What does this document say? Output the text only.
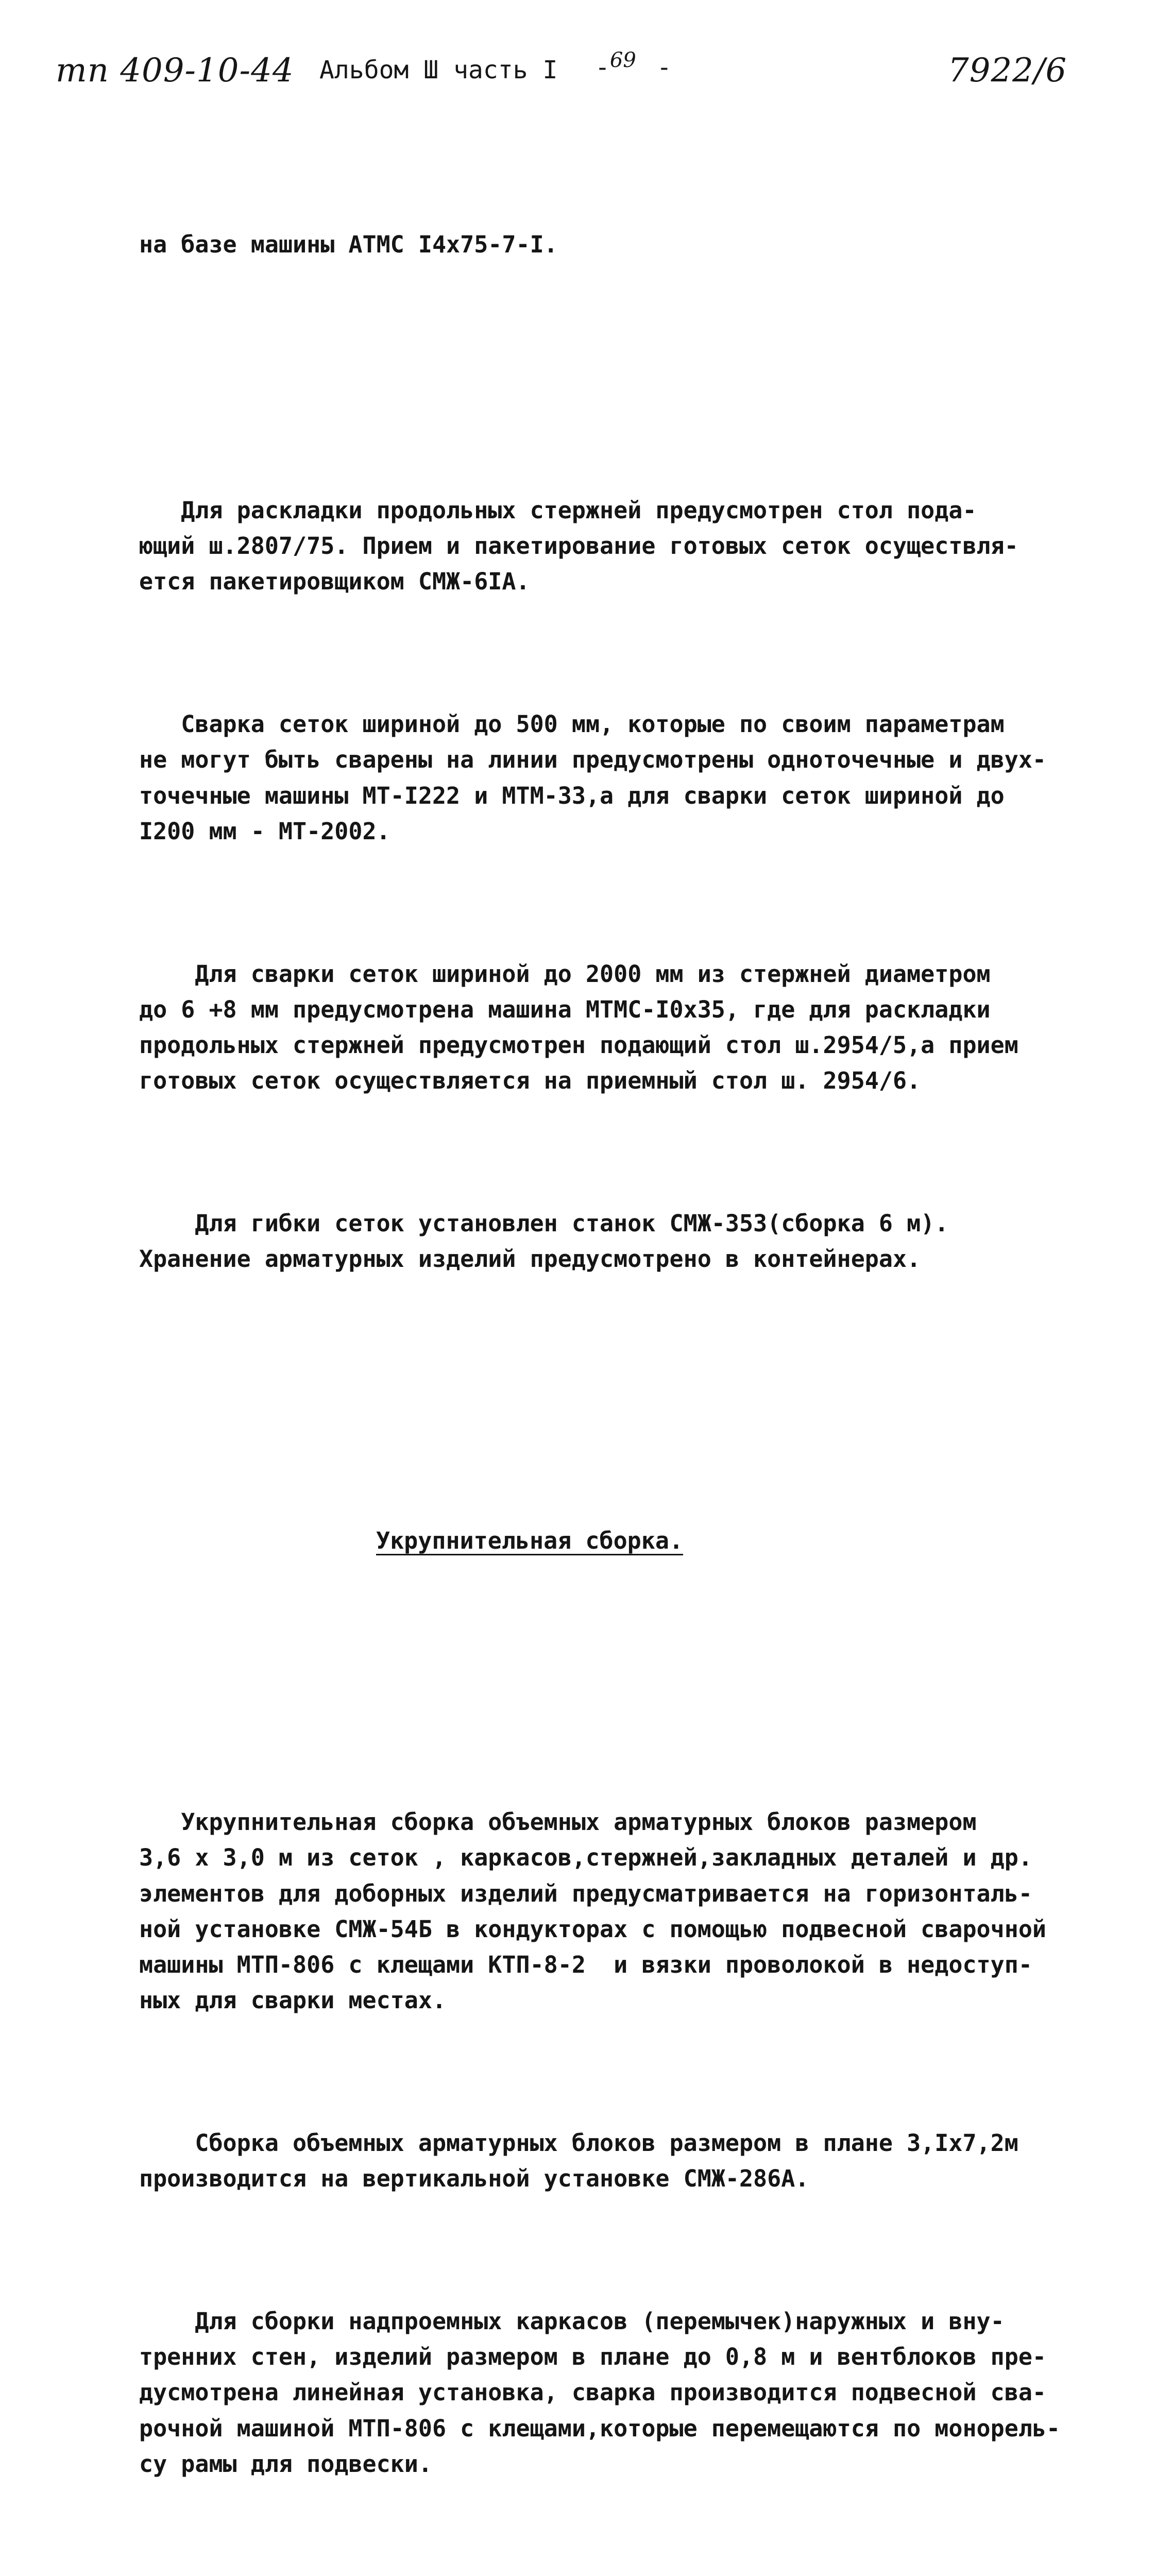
тп 409-10-44 Альбом Ш часть I -$^{69}$ -	7922/6

на базе машины АТМС I4x75-7-I.

Для раскладки продольных стержней предусмотрен стол пода-
ющий ш.2807/75. Прием и пакетирование готовых сеток осуществля-
ется пакетировщиком СМЖ-6IА.

Сварка сеток шириной до 500 мм, которые по своим параметрам
не могут быть сварены на линии предусмотрены одноточечные и двух-
точечные машины МТ-I222 и МТМ-33,а для сварки сеток шириной до
I200 мм - МТ-2002.

Для сварки сеток шириной до 2000 мм из стержней диаметром
до 6 +8 мм предусмотрена машина МТМС-I0x35, где для раскладки
продольных стержней предусмотрен подающий стол ш.2954/5,а прием
готовых сеток осуществляется на приемный стол ш. 2954/6.

Для гибки сеток установлен станок СМЖ-353(сборка 6 м).
Хранение арматурных изделий предусмотрено в контейнерах.

Укрупнительная сборка.

Укрупнительная сборка объемных арматурных блоков размером
3,6 x 3,0 м из сеток , каркасов,стержней,закладных деталей и др.
элементов для доборных изделий предусматривается на горизонталь-
ной установке СМЖ-54Б в кондукторах с помощью подвесной сварочной
машины МТП-806 с клещами КТП-8-2  и вязки проволокой в недоступ-
ных для сварки местах.

Сборка объемных арматурных блоков размером в плане 3,Iх7,2м
производится на вертикальной установке СМЖ-286А.

Для сборки надпроемных каркасов (перемычек)наружных и вну-
тренних стен, изделий размером в плане до 0,8 м и вентблоков пре-
дусмотрена линейная установка, сварка производится подвесной сва-
рочной машиной МТП-806 с клещами,которые перемещаются по монорель-
су рамы для подвески.
